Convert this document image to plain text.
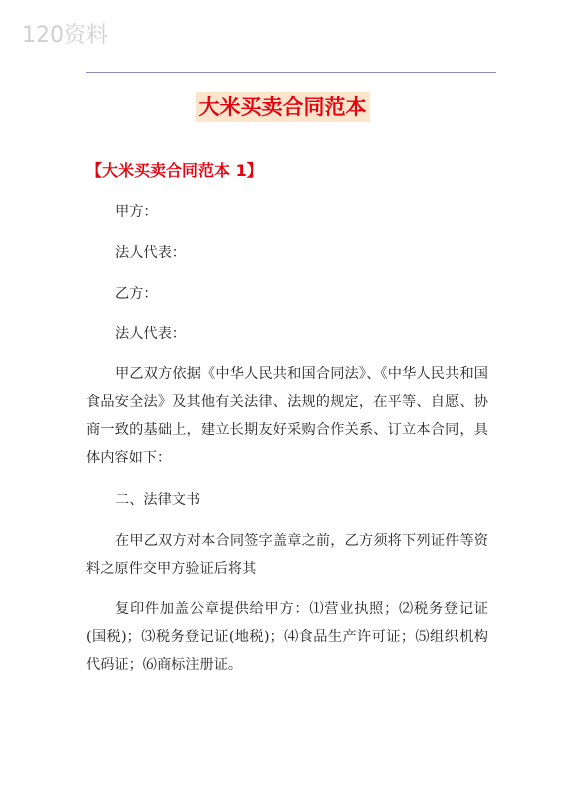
120资料
大米买卖合同范本
【大米买卖合同范本 1】
甲方：
法人代表：
乙方：
法人代表：
甲乙双方依据《中华人民共和国合同法》、《中华人民共和国食品安全法》及其他有关法律、法规的规定，在平等、自愿、协商一致的基础上，建立长期友好采购合作关系、订立本合同，具体内容如下：
二、法律文书
在甲乙双方对本合同签字盖章之前，乙方须将下列证件等资料之原件交甲方验证后将其
复印件加盖公章提供给甲方：⑴营业执照；⑵税务登记证(国税)；⑶税务登记证(地税)；⑷食品生产许可证；⑸组织机构代码证；⑹商标注册证。
